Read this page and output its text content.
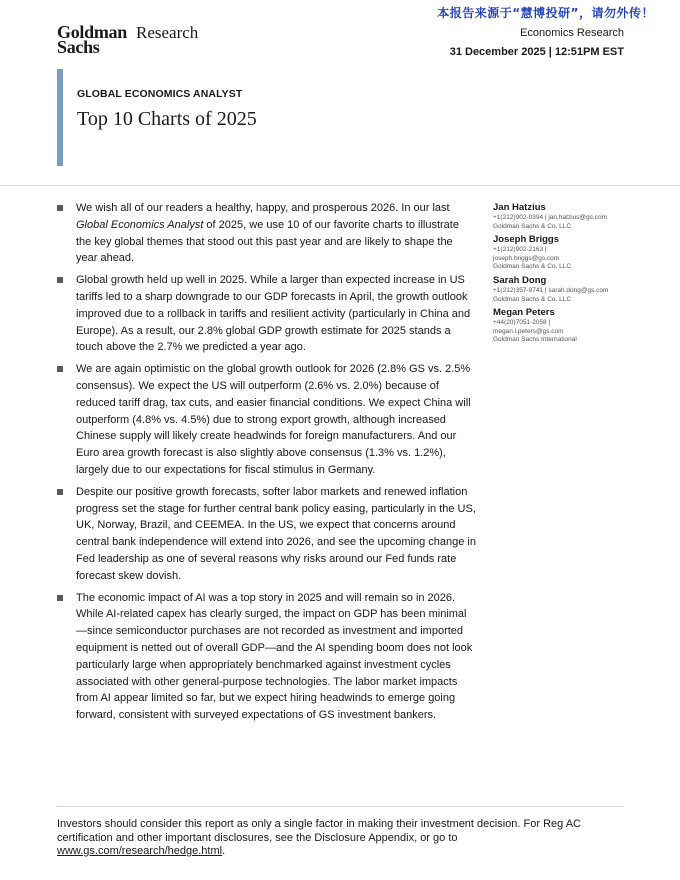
本报告来源于“慧博投研”，请勿外传！
Goldman
Sachs
Research	Economics Research
31 December 2025 | 12:51PM EST
GLOBAL ECONOMICS ANALYST
Top 10 Charts of 2025
We wish all of our readers a healthy, happy, and prosperous 2026. In our last Global Economics Analyst of 2025, we use 10 of our favorite charts to illustrate the key global themes that stood out this past year and are likely to shape the year ahead.
Global growth held up well in 2025. While a larger than expected increase in US tariffs led to a sharp downgrade to our GDP forecasts in April, the growth outlook improved due to a rollback in tariffs and resilient activity (particularly in China and Europe). As a result, our 2.8% global GDP growth estimate for 2025 stands a touch above the 2.7% we predicted a year ago.
We are again optimistic on the global growth outlook for 2026 (2.8% GS vs. 2.5% consensus). We expect the US will outperform (2.6% vs. 2.0%) because of reduced tariff drag, tax cuts, and easier financial conditions. We expect China will outperform (4.8% vs. 4.5%) due to strong export growth, although increased Chinese supply will likely create headwinds for foreign manufacturers. And our Euro area growth forecast is also slightly above consensus (1.3% vs. 1.2%), largely due to our expectations for fiscal stimulus in Germany.
Despite our positive growth forecasts, softer labor markets and renewed inflation progress set the stage for further central bank policy easing, particularly in the US, UK, Norway, Brazil, and CEEMEA. In the US, we expect that concerns around central bank independence will extend into 2026, and see the upcoming change in Fed leadership as one of several reasons why risks around our Fed funds rate forecast skew dovish.
The economic impact of AI was a top story in 2025 and will remain so in 2026. While AI-related capex has clearly surged, the impact on GDP has been minimal—since semiconductor purchases are not recorded as investment and imported equipment is netted out of overall GDP—and the AI spending boom does not look particularly large when appropriately benchmarked against investment cycles associated with other general-purpose technologies. The labor market impacts from AI appear limited so far, but we expect hiring headwinds to emerge going forward, consistent with surveyed expectations of GS investment bankers.
Jan Hatzius
+1(212)902-0394 | jan.hatzius@gs.com
Goldman Sachs & Co. LLC
Joseph Briggs
+1(212)902-2163 |
joseph.briggs@gs.com
Goldman Sachs & Co. LLC
Sarah Dong
+1(212)357-9741 | sarah.dong@gs.com
Goldman Sachs & Co. LLC
Megan Peters
+44(20)7051-2058 |
megan.l.peters@gs.com
Goldman Sachs International
Investors should consider this report as only a single factor in making their investment decision. For Reg AC certification and other important disclosures, see the Disclosure Appendix, or go to www.gs.com/research/hedge.html.
